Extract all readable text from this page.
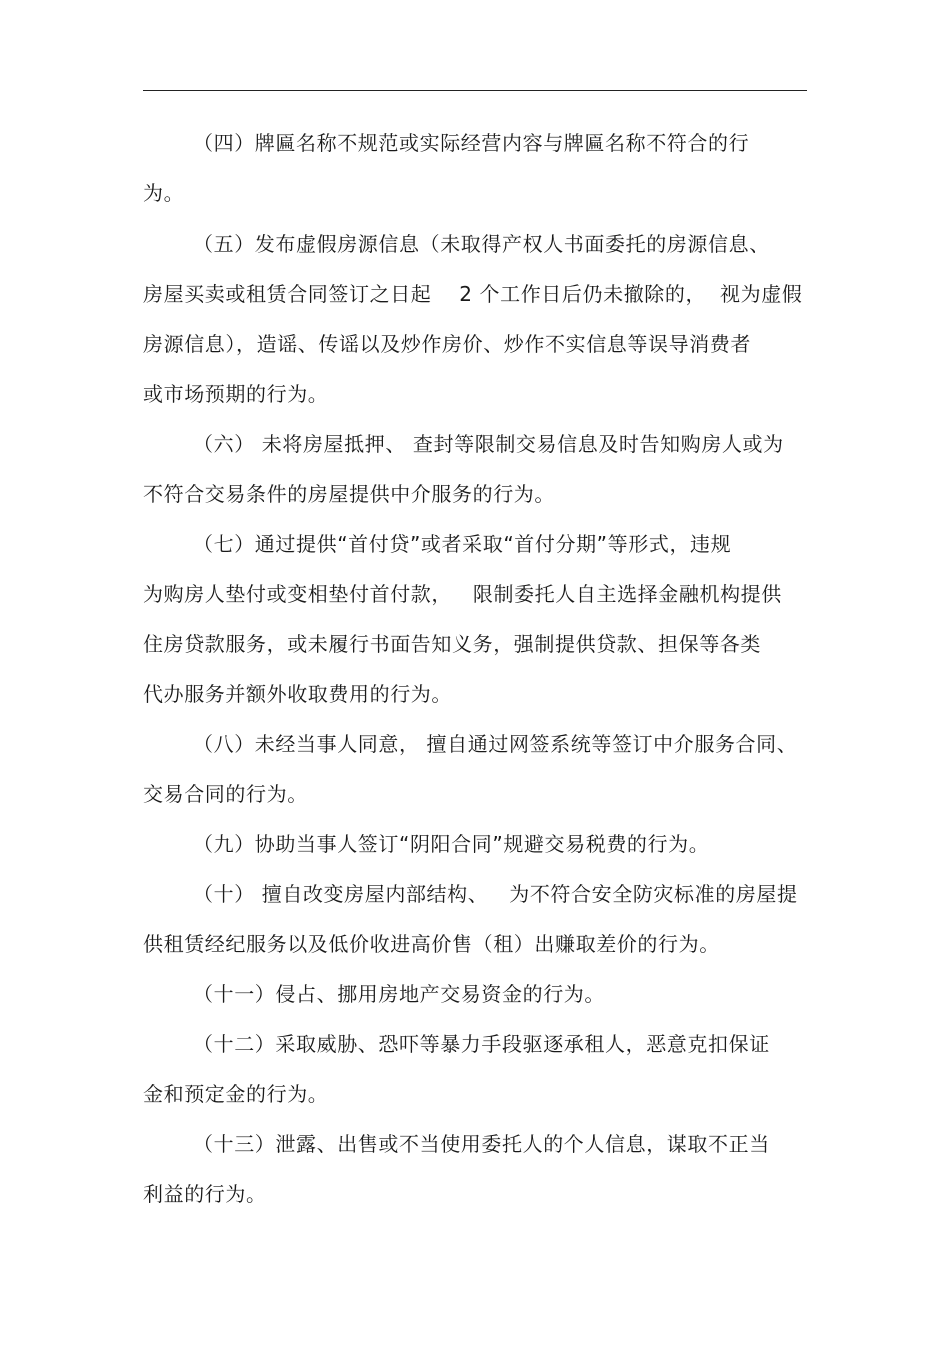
（四）牌匾名称不规范或实际经营内容与牌匾名称不符合的行
为。
（五）发布虚假房源信息（未取得产权人书面委托的房源信息、
房屋买卖或租赁合同签订之日起    2 个工作日后仍未撤除的，  视为虚假
房源信息），造谣、传谣以及炒作房价、炒作不实信息等误导消费者
或市场预期的行为。
（六） 未将房屋抵押、 查封等限制交易信息及时告知购房人或为
不符合交易条件的房屋提供中介服务的行为。
（七）通过提供“首付贷”或者采取“首付分期”等形式，违规
为购房人垫付或变相垫付首付款，   限制委托人自主选择金融机构提供
住房贷款服务，或未履行书面告知义务，强制提供贷款、担保等各类
代办服务并额外收取费用的行为。
（八）未经当事人同意， 擅自通过网签系统等签订中介服务合同、
交易合同的行为。
（九）协助当事人签订“阴阳合同”规避交易税费的行为。
（十） 擅自改变房屋内部结构、   为不符合安全防灾标准的房屋提
供租赁经纪服务以及低价收进高价售（租）出赚取差价的行为。
（十一）侵占、挪用房地产交易资金的行为。
（十二）采取威胁、恐吓等暴力手段驱逐承租人，恶意克扣保证
金和预定金的行为。
（十三）泄露、出售或不当使用委托人的个人信息，谋取不正当
利益的行为。
